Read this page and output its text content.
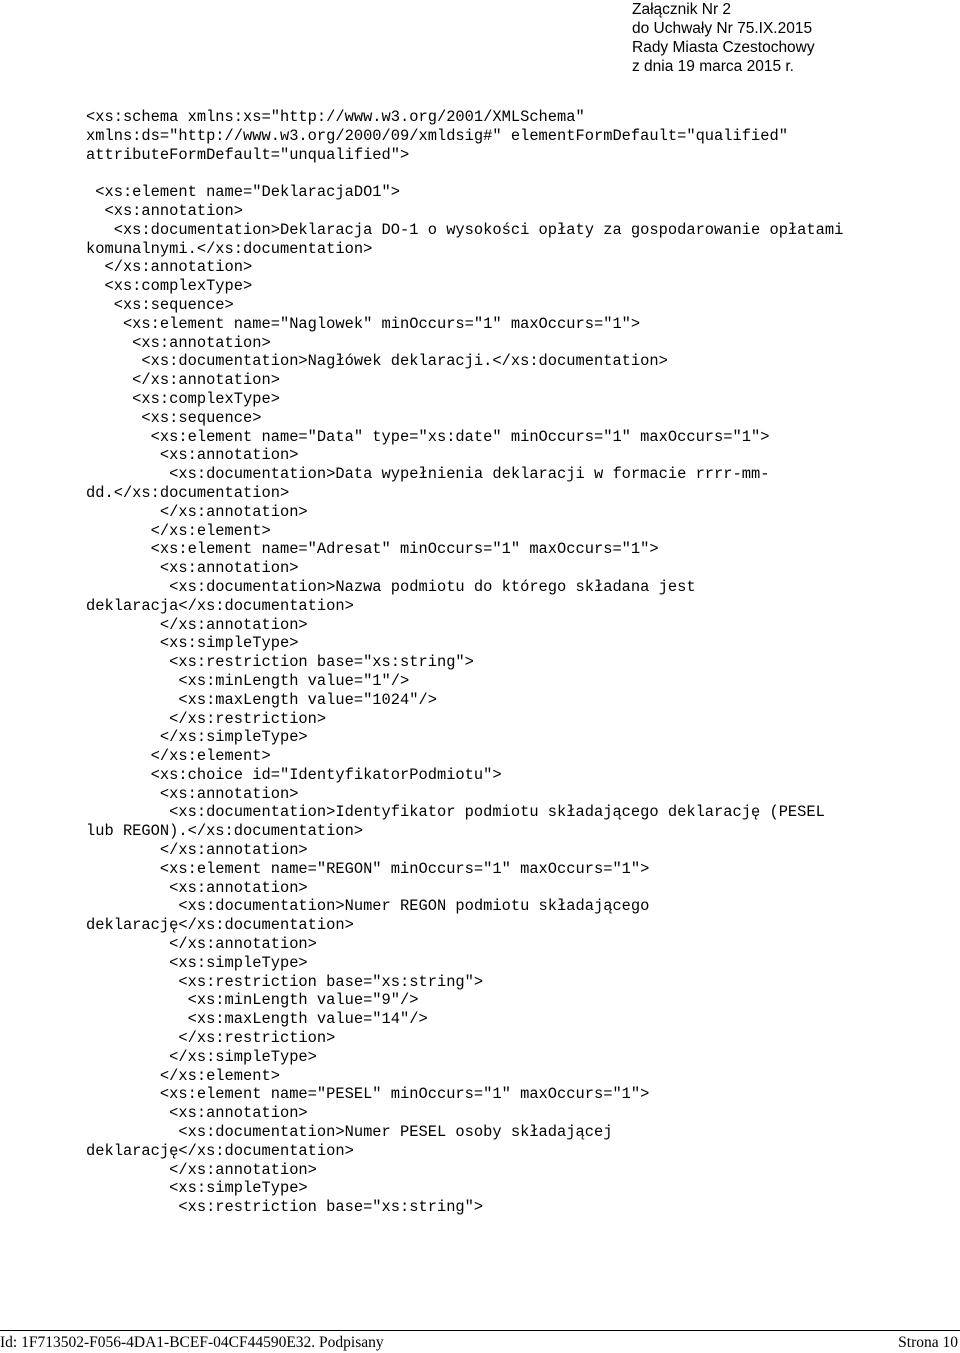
Załącznik Nr 2
do Uchwały Nr 75.IX.2015
Rady Miasta Czestochowy
z dnia 19 marca 2015 r.
<xs:schema xmlns:xs="http://www.w3.org/2001/XMLSchema"
xmlns:ds="http://www.w3.org/2000/09/xmldsig#" elementFormDefault="qualified"
attributeFormDefault="unqualified">
<xs:element name="DeklaracjaDO1">
<xs:annotation>
<xs:documentation>Deklaracja DO-1 o wysokości opłaty za gospodarowanie opłatami
komunalnymi.</xs:documentation>
</xs:annotation>
<xs:complexType>
<xs:sequence>
<xs:element name="Naglowek" minOccurs="1" maxOccurs="1">
<xs:annotation>
<xs:documentation>Nagłówek deklaracji.</xs:documentation>
</xs:annotation>
<xs:complexType>
<xs:sequence>
<xs:element name="Data" type="xs:date" minOccurs="1" maxOccurs="1">
<xs:annotation>
<xs:documentation>Data wypełnienia deklaracji w formacie rrrr-mm-
dd.</xs:documentation>
</xs:annotation>
</xs:element>
<xs:element name="Adresat" minOccurs="1" maxOccurs="1">
<xs:annotation>
<xs:documentation>Nazwa podmiotu do którego składana jest
deklaracja</xs:documentation>
</xs:annotation>
<xs:simpleType>
<xs:restriction base="xs:string">
<xs:minLength value="1"/>
<xs:maxLength value="1024"/>
</xs:restriction>
</xs:simpleType>
</xs:element>
<xs:choice id="IdentyfikatorPodmiotu">
<xs:annotation>
<xs:documentation>Identyfikator podmiotu składającego deklarację (PESEL
lub REGON).</xs:documentation>
</xs:annotation>
<xs:element name="REGON" minOccurs="1" maxOccurs="1">
<xs:annotation>
<xs:documentation>Numer REGON podmiotu składającego
deklarację</xs:documentation>
</xs:annotation>
<xs:simpleType>
<xs:restriction base="xs:string">
<xs:minLength value="9"/>
<xs:maxLength value="14"/>
</xs:restriction>
</xs:simpleType>
</xs:element>
<xs:element name="PESEL" minOccurs="1" maxOccurs="1">
<xs:annotation>
<xs:documentation>Numer PESEL osoby składającej
deklarację</xs:documentation>
</xs:annotation>
<xs:simpleType>
<xs:restriction base="xs:string">
Id: 1F713502-F056-4DA1-BCEF-04CF44590E32. Podpisany	Strona 10
